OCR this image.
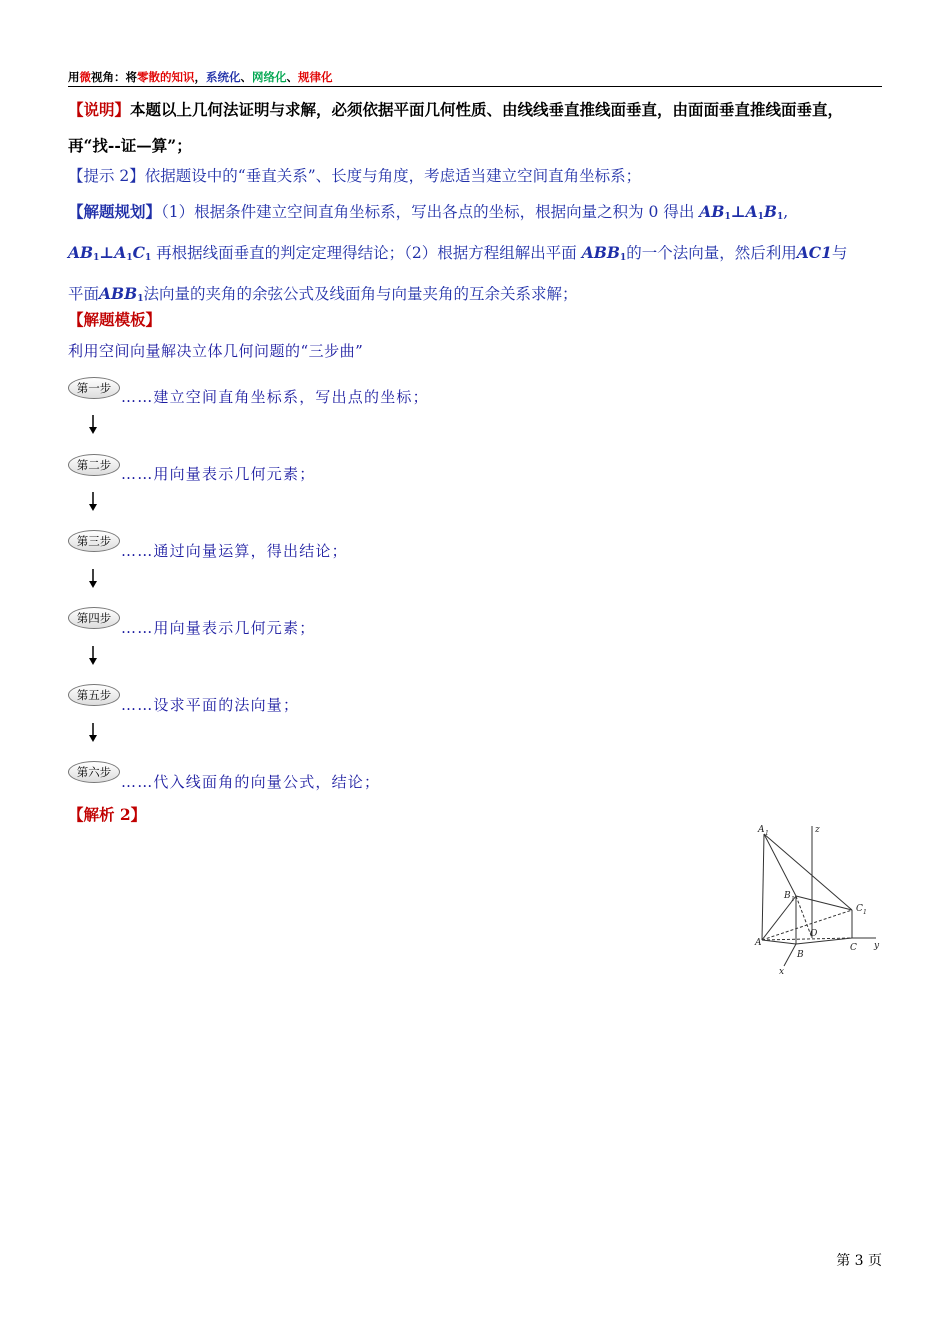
用微视角：将零散的知识，系统化、网络化、规律化
【说明】本题以上几何法证明与求解，必须依据平面几何性质、由线线垂直推线面垂直，由面面垂直推线面垂直，再“找--证—算”；
【提示 2】依据题设中的“垂直关系”、长度与角度，考虑适当建立空间直角坐标系；
【解题规划】（1）根据条件建立空间直角坐标系，写出各点的坐标，根据向量之积为 0 得出 $AB_1\perp A_1B_1$,
$AB_1\perp A_1C_1$ 再根据线面垂直的判定定理得结论；（2）根据方程组解出平面 $ABB_1$的一个法向量，然后利用AC1与
平面$ABB_1$法向量的夹角的余弦公式及线面角与向量夹角的互余关系求解；
【解题模板】
利用空间向量解决立体几何问题的“三步曲”
第一步 ……建立空间直角坐标系，写出点的坐标；
第二步 ……用向量表示几何元素；
第三步
……通过向量运算，得出结论；
第四步
……用向量表示几何元素；
第五步
……设求平面的法向量；
第六步
……代入线面角的向量公式，结论；
【解析 2】
A 1	z
B 1
C 1
O
A
B
C y
x
第 3 页
